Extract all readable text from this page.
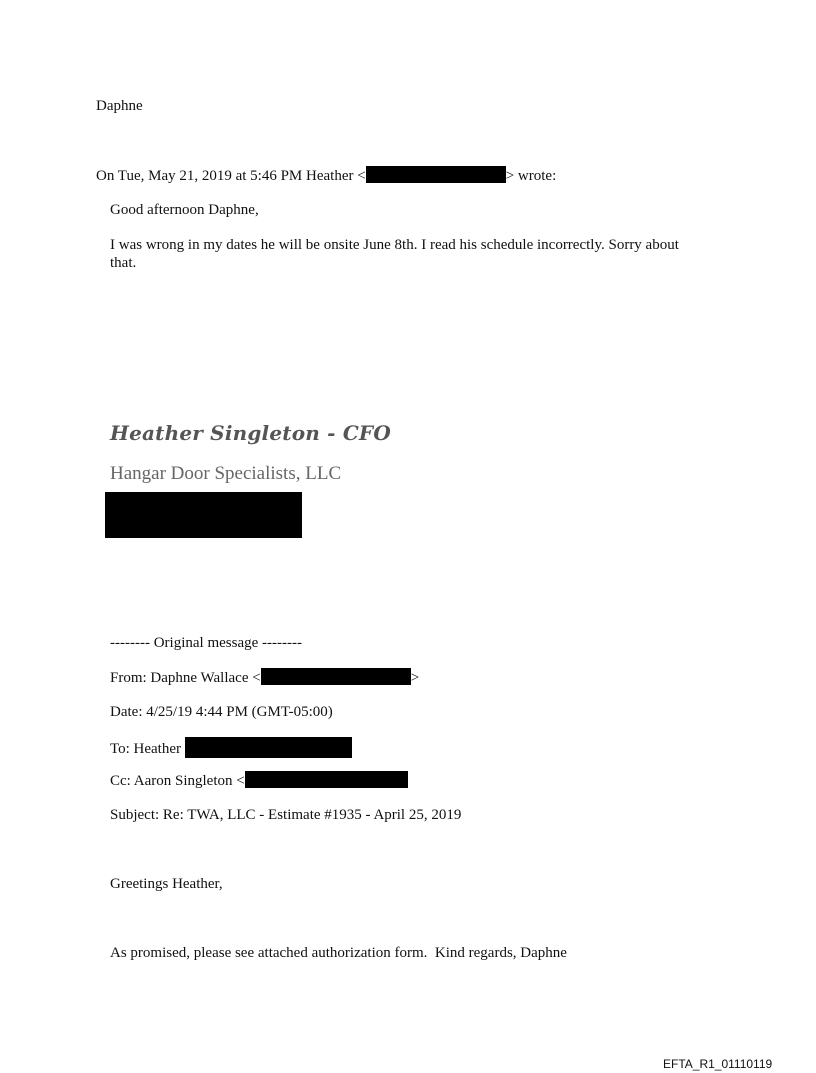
Daphne
On Tue, May 21, 2019 at 5:46 PM Heather <	> wrote:
Good afternoon Daphne,
I was wrong in my dates he will be onsite June 8th. I read his schedule incorrectly. Sorry about that.
Heather Singleton - CFO
Hangar Door Specialists, LLC
-------- Original message --------
From: Daphne Wallace <	>
Date: 4/25/19 4:44 PM (GMT-05:00)
To: Heather
Cc: Aaron Singleton <
Subject: Re: TWA, LLC - Estimate #1935 - April 25, 2019
Greetings Heather,
As promised, please see attached authorization form.  Kind regards, Daphne
EFTA_R1_01110119
